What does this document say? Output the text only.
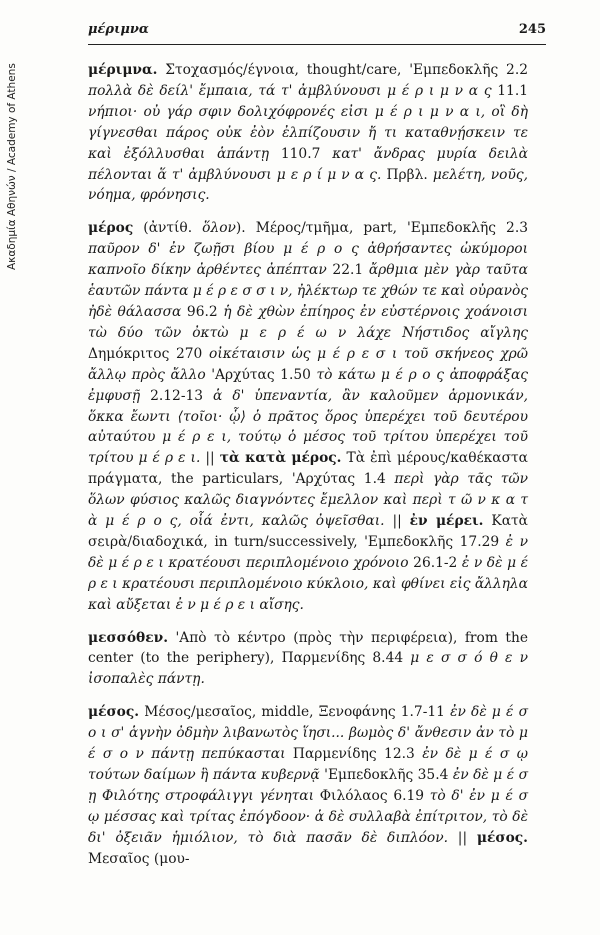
μέριμνα	245
Ακαδημία Αθηνών / Academy of Athens	μέριμνα. Στοχασμός/έγνοια, thought/care, 'Εμπεδοκλῆς 2.2 πολλὰ δὲ δείλ' ἔμπαια, τά τ' ἀμβλύνουσι μ έ ρ ι μ ν α ς 11.1 νήπιοι· οὐ γάρ σφιν δολιχόφρονές εἰσι μ έ ρ ι μ ν α ι, οἳ δὴ γίγνεσθαι πάρος οὐκ ἐὸν ἐλπίζουσιν ἤ τι καταθνῄσκειν τε καὶ ἐξόλλυσθαι ἁπάντῃ 110.7 κατ' ἄνδρας μυρία δειλὰ πέλονται ἅ τ' ἀμβλύνουσι μ ε ρ ί μ ν α ς. Πρβλ. μελέτη, νοῦς, νόημα, φρόνησις.

μέρος (ἀντίθ. ὅλον). Μέρος/τμῆμα, part, 'Εμπεδοκλῆς 2.3 παῦρον δ' ἐν ζωῇσι βίου μ έ ρ ο ς ἀθρήσαντες ὠκύμοροι καπνοῖο δίκην ἀρθέντες ἀπέπταν 22.1 ἄρθμια μὲν γὰρ ταῦτα ἑαυτῶν πάντα μ έ ρ ε σ σ ι ν, ἠλέκτωρ τε χθών τε καὶ οὐρανὸς ἠδὲ θάλασσα 96.2 ἡ δὲ χθὼν ἐπίηρος ἐν εὐστέρνοις χοάνοισι τὼ δύο τῶν ὀκτὼ μ ε ρ έ ω ν λάχε Νήστιδος αἴγλης Δημόκριτος 270 οἰκέταισιν ὡς μ έ ρ ε σ ι τοῦ σκήνεος χρῶ ἄλλῳ πρὸς ἄλλο 'Αρχύτας 1.50 τὸ κάτω μ έ ρ ο ς ἀποφράξας ἐμφυσῇ 2.12-13 ἁ δ' ὑπεναντία, ἂν καλοῦμεν ἁρμονικάν, ὅκκα ἔωντι ⟨τοῖοι· ᾧ⟩ ὁ πρᾶτος ὅρος ὑπερέχει τοῦ δευτέρου αὐταύτου μ έ ρ ε ι, τούτῳ ὁ μέσος τοῦ τρίτου ὑπερέχει τοῦ τρίτου μ έ ρ ε ι. || τὰ κατὰ μέρος. Τὰ ἐπὶ μέρους/καθέκαστα πράγματα, the particulars, 'Αρχύτας 1.4 περὶ γὰρ τᾶς τῶν ὅλων φύσιος καλῶς διαγνόντες ἔμελλον καὶ περὶ τ ῶ ν κ α τ ὰ μ έ ρ ο ς, οἷά ἐντι, καλῶς ὀψεῖσθαι. || ἐν μέρει. Κατὰ σειρὰ/διαδοχικά, in turn/successively, 'Εμπεδοκλῆς 17.29 ἐ ν δὲ μ έ ρ ε ι κρατέουσι περιπλομένοιο χρόνοιο 26.1-2 ἐ ν δὲ μ έ ρ ε ι κρατέουσι περιπλομένοιο κύκλοιο, καὶ φθίνει εἰς ἄλληλα καὶ αὔξεται ἐ ν μ έ ρ ε ι αἴσης.

μεσσόθεν. 'Απὸ τὸ κέντρο (πρὸς τὴν περιφέρεια), from the center (to the periphery), Παρμενίδης 8.44 μ ε σ σ ό θ ε ν ἰσοπαλὲς πάντῃ.

μέσος. Μέσος/μεσαῖος, middle, Ξενοφάνης 1.7-11 ἐν δὲ μ έ σ ο ι σ' ἁγνὴν ὀδμὴν λιβανωτὸς ἵησι... βωμὸς δ' ἄνθεσιν ἀν τὸ μ έ σ ο ν πάντῃ πεπύκασται Παρμενίδης 12.3 ἐν δὲ μ έ σ ῳ τούτων δαίμων ἣ πάντα κυβερνᾷ 'Εμπεδοκλῆς 35.4 ἐν δὲ μ έ σ ῃ Φιλότης στροφάλιγγι γένηται Φιλόλαος 6.19 τὸ δ' ἐν μ έ σ ῳ μέσσας καὶ τρίτας ἐπόγδοον· ἁ δὲ συλλαβὰ ἐπίτριτον, τὸ δὲ δι' ὀξειᾶν ἡμιόλιον, τὸ διὰ πασᾶν δὲ διπλόον. || μέσος. Μεσαῖος (μου-
